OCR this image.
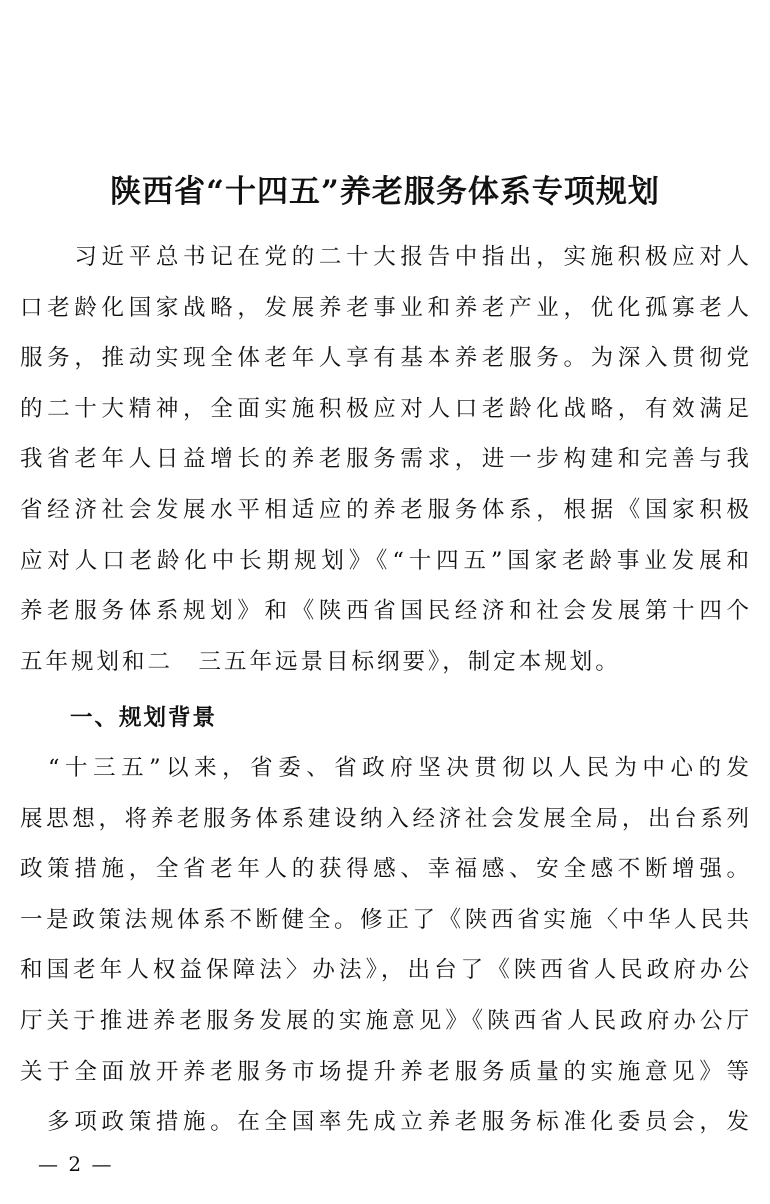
陕西省“十四五”养老服务体系专项规划
　　习近平总书记在党的二十大报告中指出，实施积极应对人
口老龄化国家战略，发展养老事业和养老产业，优化孤寡老人
服务，推动实现全体老年人享有基本养老服务。为深入贯彻党
的二十大精神，全面实施积极应对人口老龄化战略，有效满足
我省老年人日益增长的养老服务需求，进一步构建和完善与我
省经济社会发展水平相适应的养老服务体系，根据《国家积极
应对人口老龄化中长期规划》《“十四五”国家老龄事业发展和
养老服务体系规划》和《陕西省国民经济和社会发展第十四个
五年规划和二　三五年远景目标纲要》，制定本规划。
一、规划背景
　“十三五”以来，省委、省政府坚决贯彻以人民为中心的发
展思想，将养老服务体系建设纳入经济社会发展全局，出台系列
政策措施，全省老年人的获得感、幸福感、安全感不断增强。
一是政策法规体系不断健全。修正了《陕西省实施〈中华人民共
和国老年人权益保障法〉办法》，出台了《陕西省人民政府办公
厅关于推进养老服务发展的实施意见》《陕西省人民政府办公厅
关于全面放开养老服务市场提升养老服务质量的实施意见》等
　多项政策措施。在全国率先成立养老服务标准化委员会，发
— 2 —
